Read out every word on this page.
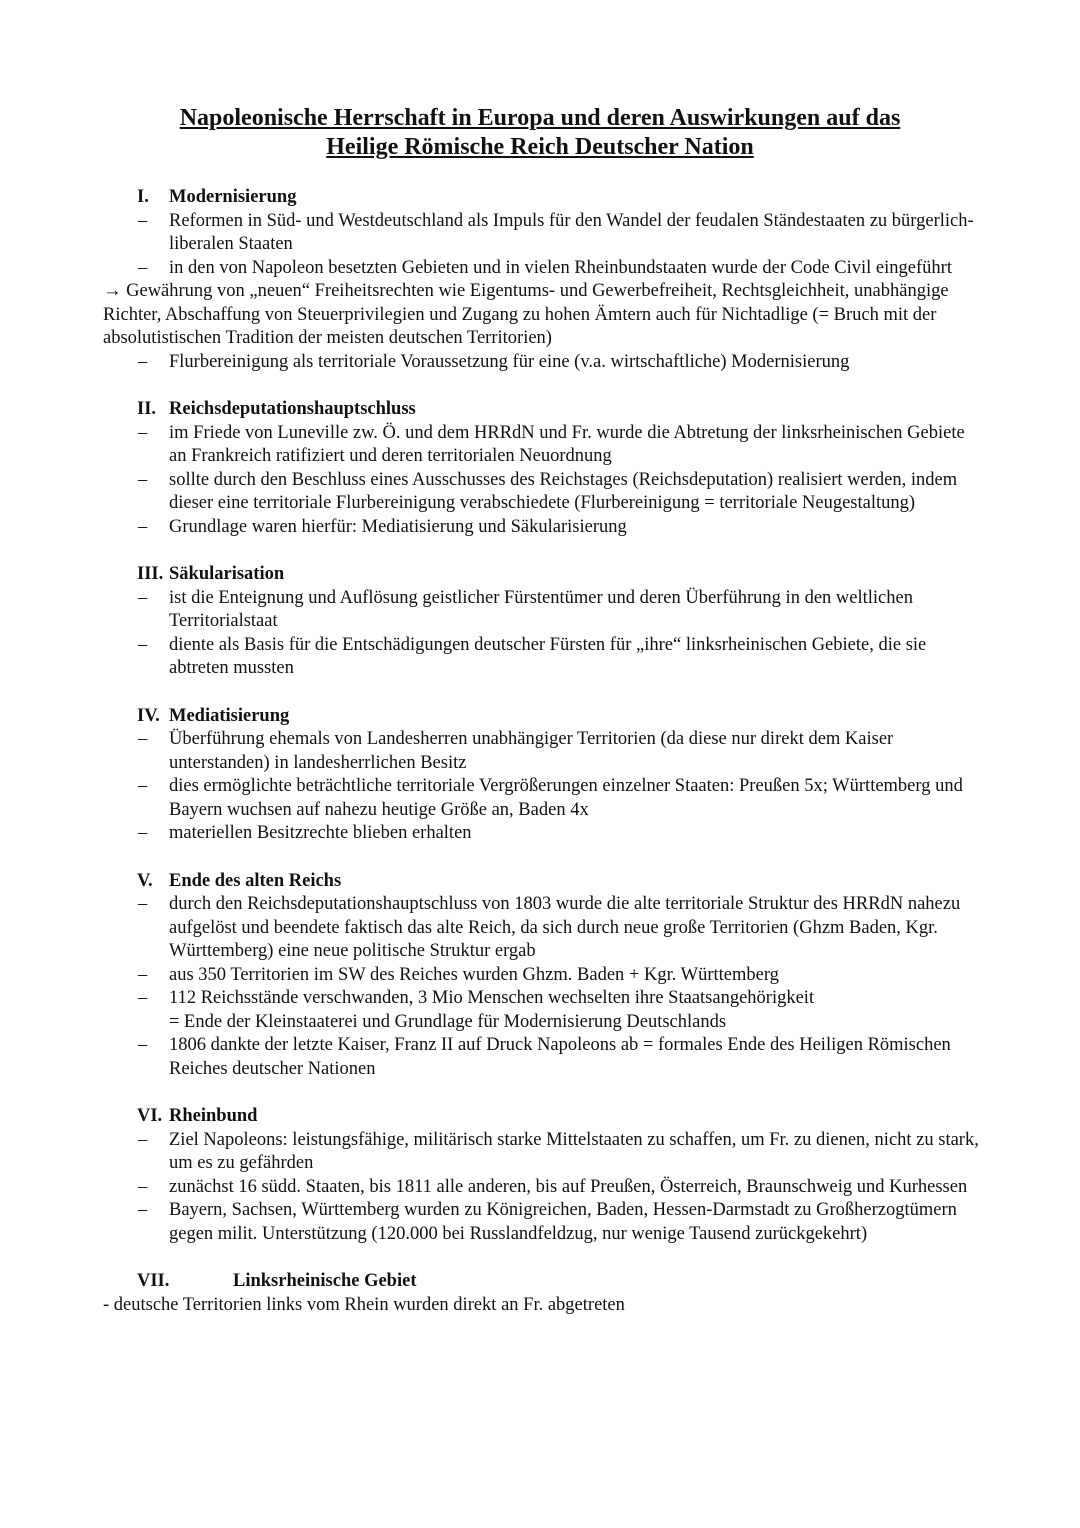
Napoleonische Herrschaft in Europa und deren Auswirkungen auf das
Heilige Römische Reich Deutscher Nation
I. Modernisierung
– Reformen in Süd- und Westdeutschland als Impuls für den Wandel der feudalen Ständestaaten zu bürgerlich- liberalen Staaten
– in den von Napoleon besetzten Gebieten und in vielen Rheinbundstaaten wurde der Code Civil eingeführt
→ Gewährung von „neuen“ Freiheitsrechten wie Eigentums- und Gewerbefreiheit, Rechtsgleichheit, unabhängige Richter, Abschaffung von Steuerprivilegien und Zugang zu hohen Ämtern auch für Nichtadlige (= Bruch mit der absolutistischen Tradition der meisten deutschen Territorien)
– Flurbereinigung als territoriale Voraussetzung für eine (v.a. wirtschaftliche) Modernisierung
II. Reichsdeputationshauptschluss
– im Friede von Luneville zw. Ö. und dem HRRdN und Fr. wurde die Abtretung der linksrheinischen Gebiete an Frankreich ratifiziert und deren territorialen Neuordnung
– sollte durch den Beschluss eines Ausschusses des Reichstages (Reichsdeputation) realisiert werden, indem dieser eine territoriale Flurbereinigung verabschiedete (Flurbereinigung = territoriale Neugestaltung)
– Grundlage waren hierfür: Mediatisierung und Säkularisierung
III. Säkularisation
– ist die Enteignung und Auflösung geistlicher Fürstentümer und deren Überführung in den weltlichen Territorialstaat
– diente als Basis für die Entschädigungen deutscher Fürsten für „ihre“ linksrheinischen Gebiete, die sie abtreten mussten
IV. Mediatisierung
– Überführung ehemals von Landesherren unabhängiger Territorien (da diese nur direkt dem Kaiser unterstanden) in landesherrlichen Besitz
– dies ermöglichte beträchtliche territoriale Vergrößerungen einzelner Staaten: Preußen 5x; Württemberg und Bayern wuchsen auf nahezu heutige Größe an, Baden 4x
– materiellen Besitzrechte blieben erhalten
V. Ende des alten Reichs
– durch den Reichsdeputationshauptschluss von 1803 wurde die alte territoriale Struktur des HRRdN nahezu aufgelöst und beendete faktisch das alte Reich, da sich durch neue große Territorien (Ghzm Baden, Kgr. Württemberg) eine neue politische Struktur ergab
– aus 350 Territorien im SW des Reiches wurden Ghzm. Baden + Kgr. Württemberg
– 112 Reichsstände verschwanden, 3 Mio Menschen wechselten ihre Staatsangehörigkeit
= Ende der Kleinstaaterei und Grundlage für Modernisierung Deutschlands
– 1806 dankte der letzte Kaiser, Franz II auf Druck Napoleons ab = formales Ende des Heiligen Römischen Reiches deutscher Nationen
VI. Rheinbund
– Ziel Napoleons: leistungsfähige, militärisch starke Mittelstaaten zu schaffen, um Fr. zu dienen, nicht zu stark, um es zu gefährden
– zunächst 16 südd. Staaten, bis 1811 alle anderen, bis auf Preußen, Österreich, Braunschweig und Kurhessen
– Bayern, Sachsen, Württemberg wurden zu Königreichen, Baden, Hessen-Darmstadt zu Großherzogtümern gegen milit. Unterstützung (120.000 bei Russlandfeldzug, nur wenige Tausend zurückgekehrt)
VII.	Linksrheinische Gebiet
- deutsche Territorien links vom Rhein wurden direkt an Fr. abgetreten
